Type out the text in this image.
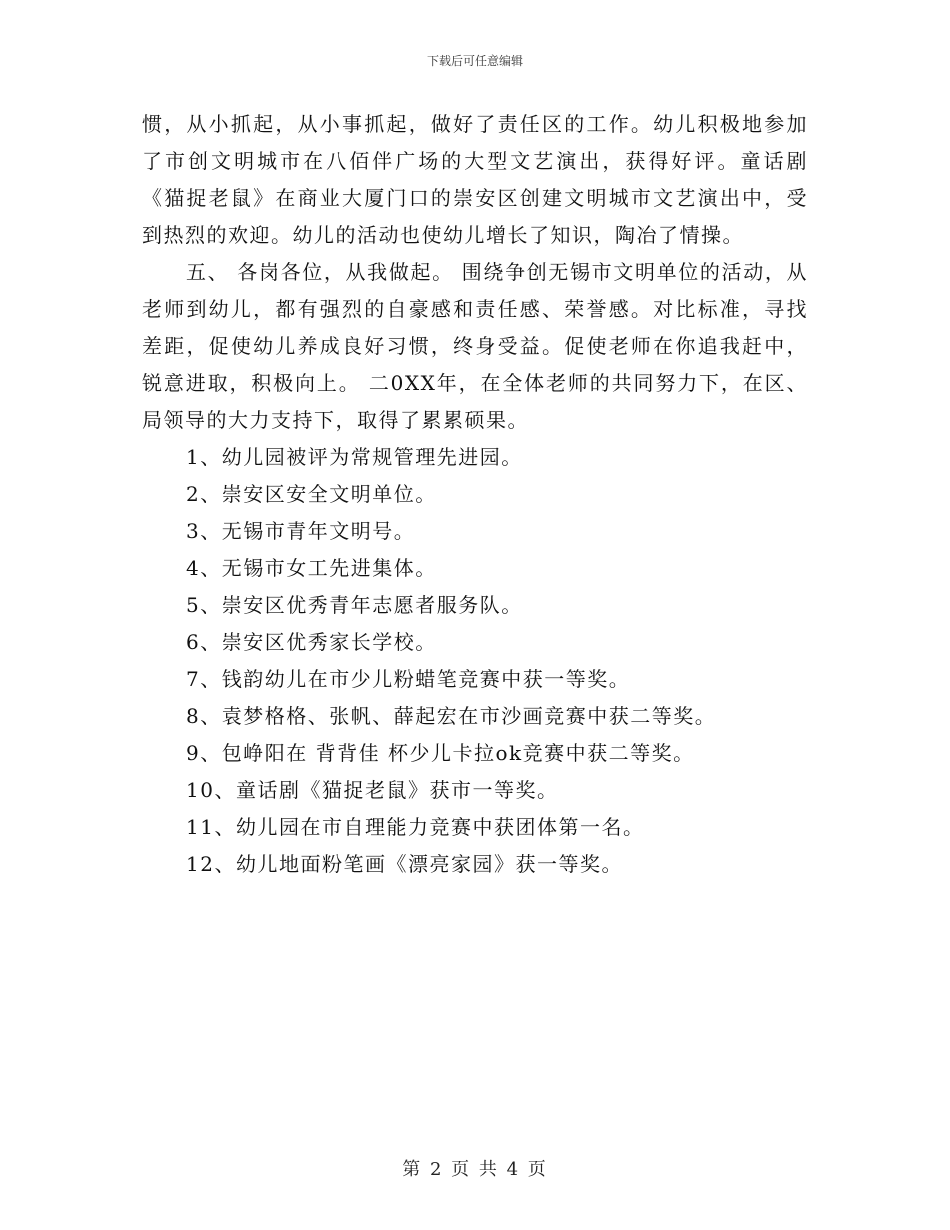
下载后可任意编辑

惯，从小抓起，从小事抓起，做好了责任区的工作。幼儿积极地参加了市创文明城市在八佰伴广场的大型文艺演出，获得好评。童话剧《猫捉老鼠》在商业大厦门口的崇安区创建文明城市文艺演出中，受到热烈的欢迎。幼儿的活动也使幼儿增长了知识，陶冶了情操。

五、 各岗各位，从我做起。 围绕争创无锡市文明单位的活动，从老师到幼儿，都有强烈的自豪感和责任感、荣誉感。对比标准，寻找差距，促使幼儿养成良好习惯，终身受益。促使老师在你追我赶中，锐意进取，积极向上。 二0XX年，在全体老师的共同努力下，在区、局领导的大力支持下，取得了累累硕果。

1、幼儿园被评为常规管理先进园。
2、崇安区安全文明单位。
3、无锡市青年文明号。
4、无锡市女工先进集体。
5、崇安区优秀青年志愿者服务队。
6、崇安区优秀家长学校。
7、钱韵幼儿在市少儿粉蜡笔竞赛中获一等奖。
8、袁梦格格、张帆、薛起宏在市沙画竞赛中获二等奖。
9、包峥阳在 背背佳 杯少儿卡拉ok竞赛中获二等奖。
10、童话剧《猫捉老鼠》获市一等奖。
11、幼儿园在市自理能力竞赛中获团体第一名。
12、幼儿地面粉笔画《漂亮家园》获一等奖。
第 2 页 共 4 页
